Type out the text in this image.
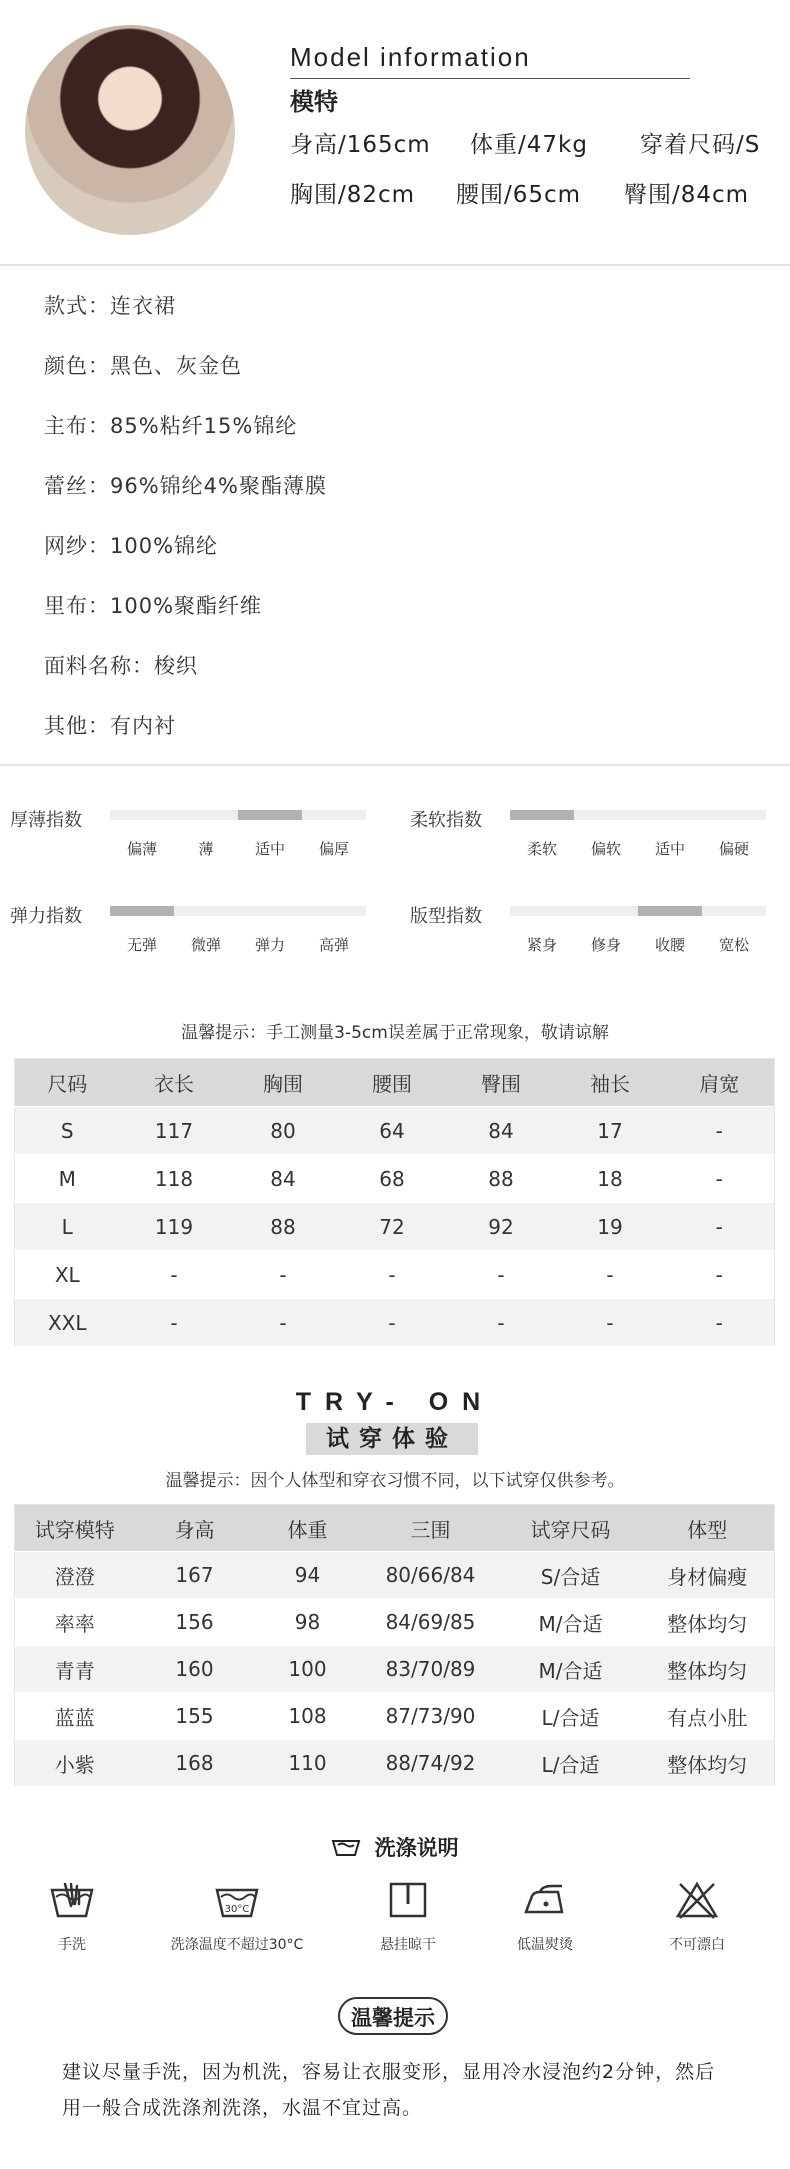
Model information
模特
身高/165cm 体重/47kg 穿着尺码/S
胸围/82cm 腰围/65cm 臀围/84cm
款式：连衣裙
颜色：黑色、灰金色
主布：85%粘纤15%锦纶
蕾丝：96%锦纶4%聚酯薄膜
网纱：100%锦纶
里布：100%聚酯纤维
面料名称：梭织
其他：有内衬
厚薄指数
偏薄	薄	适中 偏厚
柔软指数
柔软 偏软 适中 偏硬
弹力指数
无弹 微弹 弹力 高弹
版型指数
紧身 修身 收腰 宽松
温馨提示：手工测量3-5cm误差属于正常现象，敬请谅解
尺码	衣长	胸围	腰围	臀围	袖长	肩宽
S	117	80	64	84	17	-
M	118	84	68	88	18	-
L	119	88	72	92	19	-
XL	-	-	-	-	-	-
XXL	-	-	-	-	-	-
TRY- ON
试穿体验
温馨提示：因个人体型和穿衣习惯不同，以下试穿仅供参考。
试穿模特	身高	体重	三围	试穿尺码	体型
澄澄	167	94	80/66/84	S/合适	身材偏瘦
率率	156	98	84/69/85	M/合适	整体均匀
青青	160	100	83/70/89	M/合适	整体均匀
蓝蓝	155	108	87/73/90	L/合适	有点小肚
小紫	168	110	88/74/92	L/合适	整体均匀
洗涤说明
手洗
30°C
洗涤温度不超过30°C	悬挂晾干	低温熨烫	不可漂白
温馨提示
建议尽量手洗，因为机洗，容易让衣服变形，显用冷水浸泡约2分钟，然后
用一般合成洗涤剂洗涤，水温不宜过高。
